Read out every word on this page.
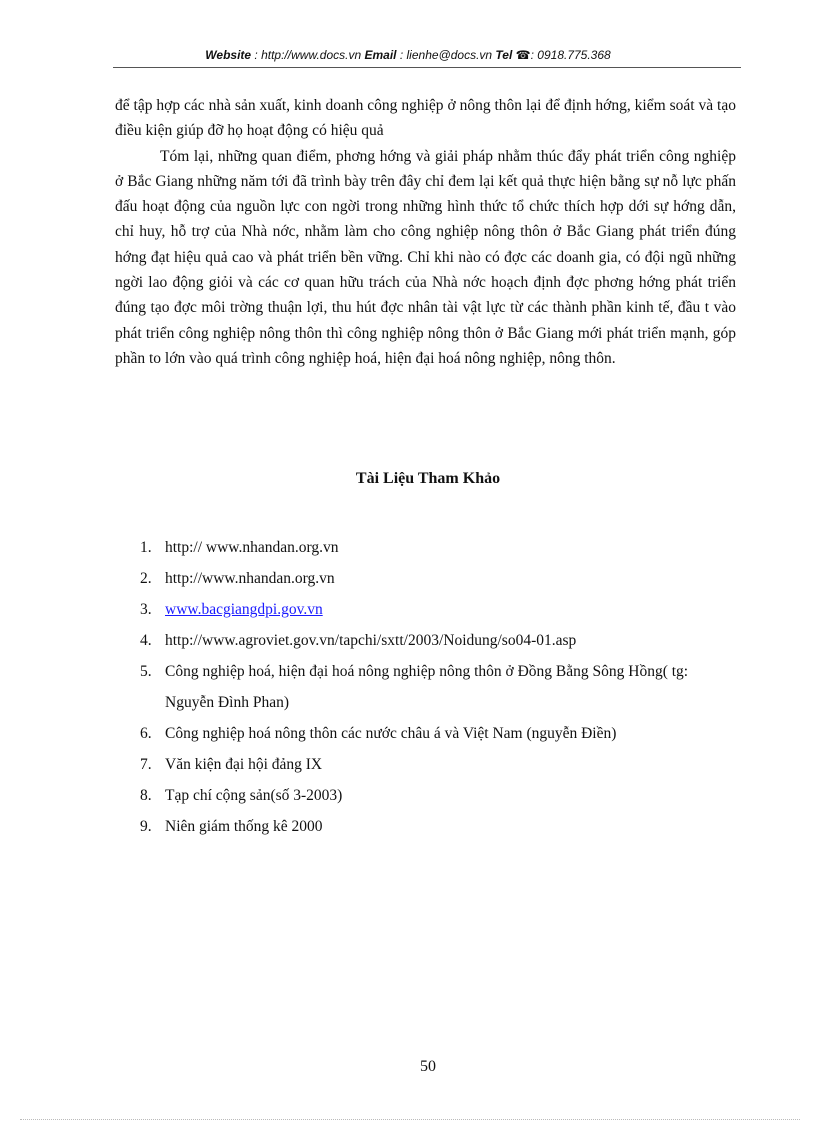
Website : http://www.docs.vn Email : lienhe@docs.vn Tel ☎: 0918.775.368

để tập hợp các nhà sản xuất, kinh doanh công nghiệp ở nông thôn lại để định hớng, kiểm soát và tạo điều kiện giúp đỡ họ hoạt động có hiệu quả

Tóm lại, những quan điểm, phơng hớng và giải pháp nhằm thúc đẩy phát triển công nghiệp ở Bắc Giang những năm tới đã trình bày trên đây chỉ đem lại kết quả thực hiện bằng sự nỗ lực phấn đấu hoạt động của nguồn lực con ngời trong những hình thức tổ chức thích hợp dới sự hớng dẫn, chỉ huy, hỗ trợ của Nhà nớc, nhằm làm cho công nghiệp nông thôn ở Bắc Giang phát triển đúng hớng đạt hiệu quả cao và phát triển bền vững. Chỉ khi nào có đợc các doanh gia, có đội ngũ những ngời lao động giỏi và các cơ quan hữu trách của Nhà nớc hoạch định đợc phơng hớng phát triển đúng tạo đợc môi trờng thuận lợi, thu hút đợc nhân tài vật lực từ các thành phần kinh tế, đầu t vào phát triển công nghiệp nông thôn thì công nghiệp nông thôn ở Bắc Giang mới phát triển mạnh, góp phần to lớn vào quá trình công nghiệp hoá, hiện đại hoá nông nghiệp, nông thôn.

Tài Liệu Tham Khảo
1. http:// www.nhandan.org.vn
2. http://www.nhandan.org.vn
3. www.bacgiangdpi.gov.vn
4. http://www.agroviet.gov.vn/tapchi/sxtt/2003/Noidung/so04-01.asp
5. Công nghiệp hoá, hiện đại hoá nông nghiệp nông thôn ở Đồng Bằng Sông Hồng( tg: Nguyễn Đình Phan)
6. Công nghiệp hoá nông thôn các nước châu á và Việt Nam (nguyễn Điền)
7. Văn kiện đại hội đảng IX
8. Tạp chí cộng sản(số 3-2003)
9. Niên giám thống kê 2000
50
